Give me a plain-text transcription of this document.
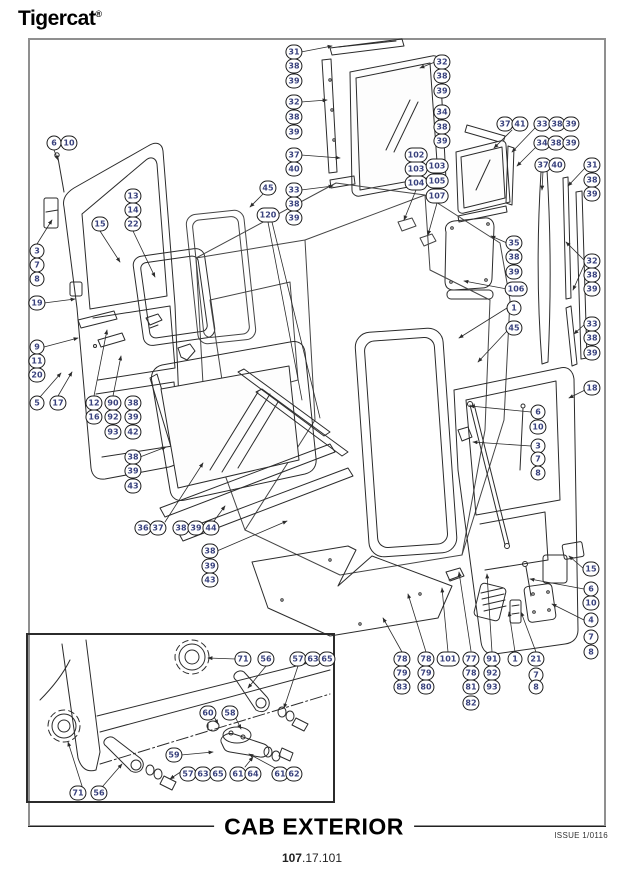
Tigercat®
6 10
13
14
22
15
3
7
8
19
9
11
20
5	17	12
16
90
92
93
38
39
42
38
39
43
36 37	38 39 44
38
39
43
31
38
39
32
38
39
37
40
45	33
38
39
120
32
38
39
34
38
39
102
103
104
103
105
107
37 41	33 38 39
34 38 39
37 40	31
38
39
32
38
39
33
38
39
18
35
38
39
106
1
45
6
10
3
7
8
15
6
10
4
7
8
78
79
83
78
79
80
101	77
78
81
82
91
92
93
1	21
7
8
71	56	57 63 65
60	58
59
57 63 65	61 64	61 62
71	56
CAB EXTERIOR	ISSUE 1/0116
107.17.101
